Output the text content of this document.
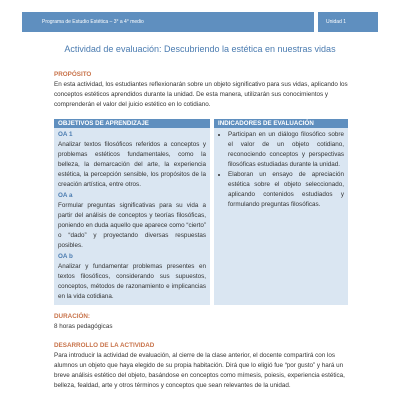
Programa de Estudio Estética – 3° a 4° medio	Unidad 1
Actividad de evaluación: Descubriendo la estética en nuestras vidas
PROPÓSITO

En esta actividad, los estudiantes reflexionarán sobre un objeto significativo para sus vidas, aplicando los conceptos estéticos aprendidos durante la unidad. De esta manera, utilizarán sus conocimientos y comprenderán el valor del juicio estético en lo cotidiano.

OBJETIVOS DE APRENDIZAJE

OA 1

Analizar textos filosóficos referidos a conceptos y problemas estéticos fundamentales, como la belleza, la demarcación del arte, la experiencia estética, la percepción sensible, los propósitos de la creación artística, entre otros.

OA a

Formular preguntas significativas para su vida a partir del análisis de conceptos y teorías filosóficas, poniendo en duda aquello que aparece como “cierto” o “dado” y proyectando diversas respuestas posibles.

OA b

Analizar y fundamentar problemas presentes en textos filosóficos, considerando sus supuestos, conceptos, métodos de razonamiento e implicancias en la vida cotidiana.

INDICADORES DE EVALUACIÓN
• Participan en un diálogo filosófico sobre el valor de un objeto cotidiano, reconociendo conceptos y perspectivas filosóficas estudiadas durante la unidad.
• Elaboran un ensayo de apreciación estética sobre el objeto seleccionado, aplicando contenidos estudiados y formulando preguntas filosóficas.
DURACIÓN:

8 horas pedagógicas

DESARROLLO DE LA ACTIVIDAD

Para introducir la actividad de evaluación, al cierre de la clase anterior, el docente compartirá con los alumnos un objeto que haya elegido de su propia habitación. Dirá que lo eligió fue “por gusto” y hará un breve análisis estético del objeto, basándose en conceptos como mímesis, poiesis, experiencia estética, belleza, fealdad, arte y otros términos y conceptos que sean relevantes de la unidad.
